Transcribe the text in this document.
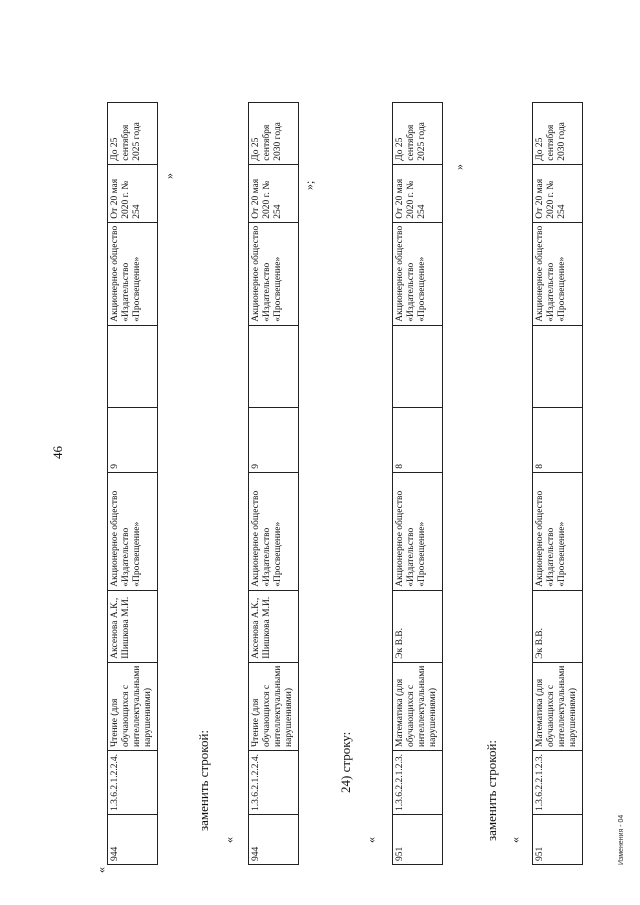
46
«
944	1.3.6.2.1.2.2.4.	Чтение (для обучающихся с интеллектуальными нарушениями)	Аксенова А.К., Шишкова М.И.	Акционерное общество «Издательство «Просвещение»	9		Акционерное общество «Издательство «Просвещение»	От 20 мая 2020 г. № 254	До 25 сентября 2025 года
»
заменить строкой:
«
944	1.3.6.2.1.2.2.4.	Чтение (для обучающихся с интеллектуальными нарушениями)	Аксенова А.К., Шишкова М.И.	Акционерное общество «Издательство «Просвещение»	9		Акционерное общество «Издательство «Просвещение»	От 20 мая 2020 г. № 254	До 25 сентября 2030 года
»;
24) строку:
«
951	1.3.6.2.2.1.2.3.	Математика (для обучающихся с интеллектуальными нарушениями)	Эк В.В.	Акционерное общество «Издательство «Просвещение»	8		Акционерное общество «Издательство «Просвещение»	От 20 мая 2020 г. № 254	До 25 сентября 2025 года
»
заменить строкой: «
951	1.3.6.2.2.1.2.3.	Математика (для обучающихся с интеллектуальными нарушениями)	Эк В.В.	Акционерное общество «Издательство «Просвещение»	8		Акционерное общество «Издательство «Просвещение»	От 20 мая 2020 г. № 254	До 25 сентября 2030 года
Изменения - 04
